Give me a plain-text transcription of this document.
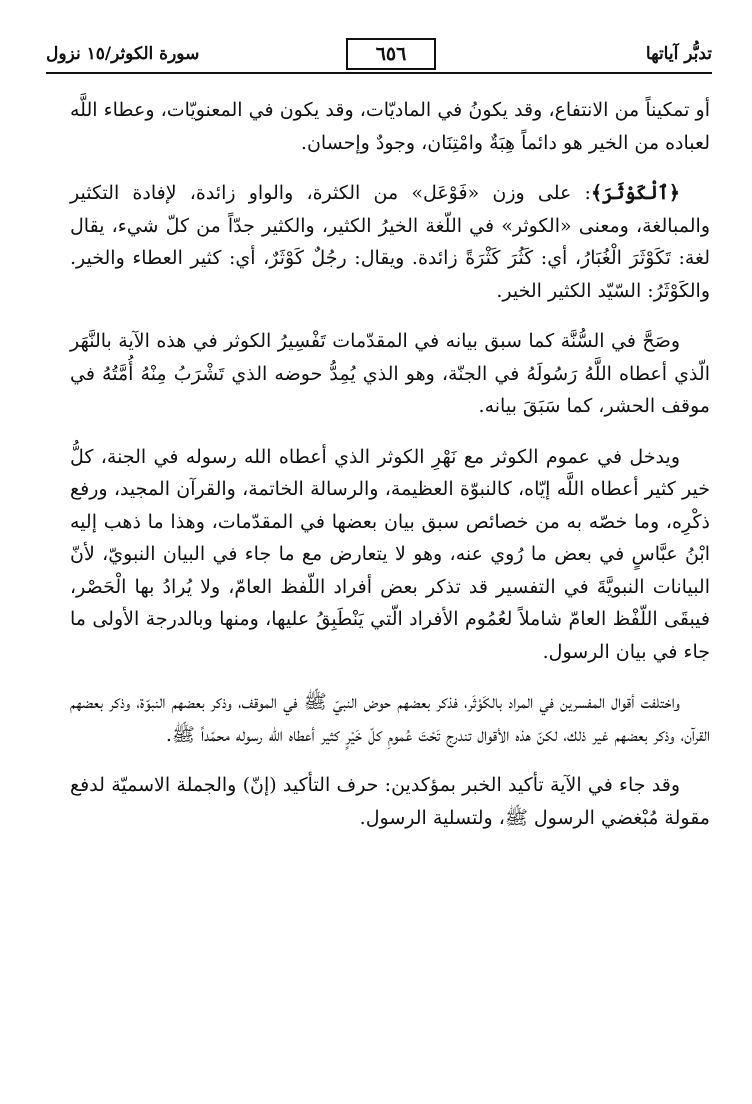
تدبُّر آياتها
٦٥٦
سورة الكوثر/١٥ نزول

أو تمكيناً من الانتفاع، وقد يكونُ في الماديّات، وقد يكون في المعنويّات، وعطاء اللَّه لعباده من الخير هو دائماً هِبَةٌ وامْتِنَان، وجودٌ وإحسان.

﴿ٱلْكَوْثَرَ﴾: على وزن «فَوْعَل» من الكثرة، والواو زائدة، لإفادة التكثير والمبالغة، ومعنى «الكوثر» في اللّغة الخيرُ الكثير، والكثير جدّاً من كلّ شيء، يقال لغة: تَكَوْثَرَ الْغُبَارُ، أي: كَثُرَ كَثْرَةً زائدة. ويقال: رجُلٌ كَوْثَرٌ، أي: كثير العطاء والخير. والكَوْثَرُ: السّيّد الكثير الخير.

وصَحَّ في السُّنَّة كما سبق بيانه في المقدّمات تَفْسِيرُ الكوثر في هذه الآية بالنَّهَر الّذي أعطاه اللَّهُ رَسُولَهُ في الجنّة، وهو الذي يُمِدُّ حوضه الذي تَشْرَبُ مِنْهُ أُمَّتُهُ في موقف الحشر، كما سَبَقَ بيانه.

ويدخل في عموم الكوثر مع نَهْرِ الكوثر الذي أعطاه الله رسوله في الجنة، كلُّ خير كثير أعطاه اللَّه إيّاه، كالنبوّة العظيمة، والرسالة الخاتمة، والقرآن المجيد، ورفع ذكْرِه، وما خصّه به من خصائص سبق بيان بعضها في المقدّمات، وهذا ما ذهب إليه ابْنُ عبَّاسٍ في بعض ما رُوي عنه، وهو لا يتعارض مع ما جاء في البيان النبويّ، لأنّ البيانات النبويَّةَ في التفسير قد تذكر بعض أفراد اللّفظ العامّ، ولا يُرادُ بها الْحَصْر، فيبقَى اللّفْظ العامّ شاملاً لعُمُوم الأفراد الّتي يَنْطَبِقُ عليها، ومنها وبالدرجة الأولى ما جاء في بيان الرسول.

واختلفت أقوال المفسرين في المراد بالكَوْثَر، فذكر بعضهم حوض النبيّ ﷺ في الموقف، وذكر بعضهم النبوّة، وذكر بعضهم القرآن، وذكر بعضهم غير ذلك، لكنّ هذه الأقوال تندرج تَحْتَ عُمومِ كلّ خَيْرٍ كثير أعطاه اللّه رسوله محمّداً ﷺ.

وقد جاء في الآية تأكيد الخبر بمؤكدين: حرف التأكيد (إنّ) والجملة الاسميّة لدفع مقولة مُبْغضي الرسول ﷺ، ولتسلية الرسول.
